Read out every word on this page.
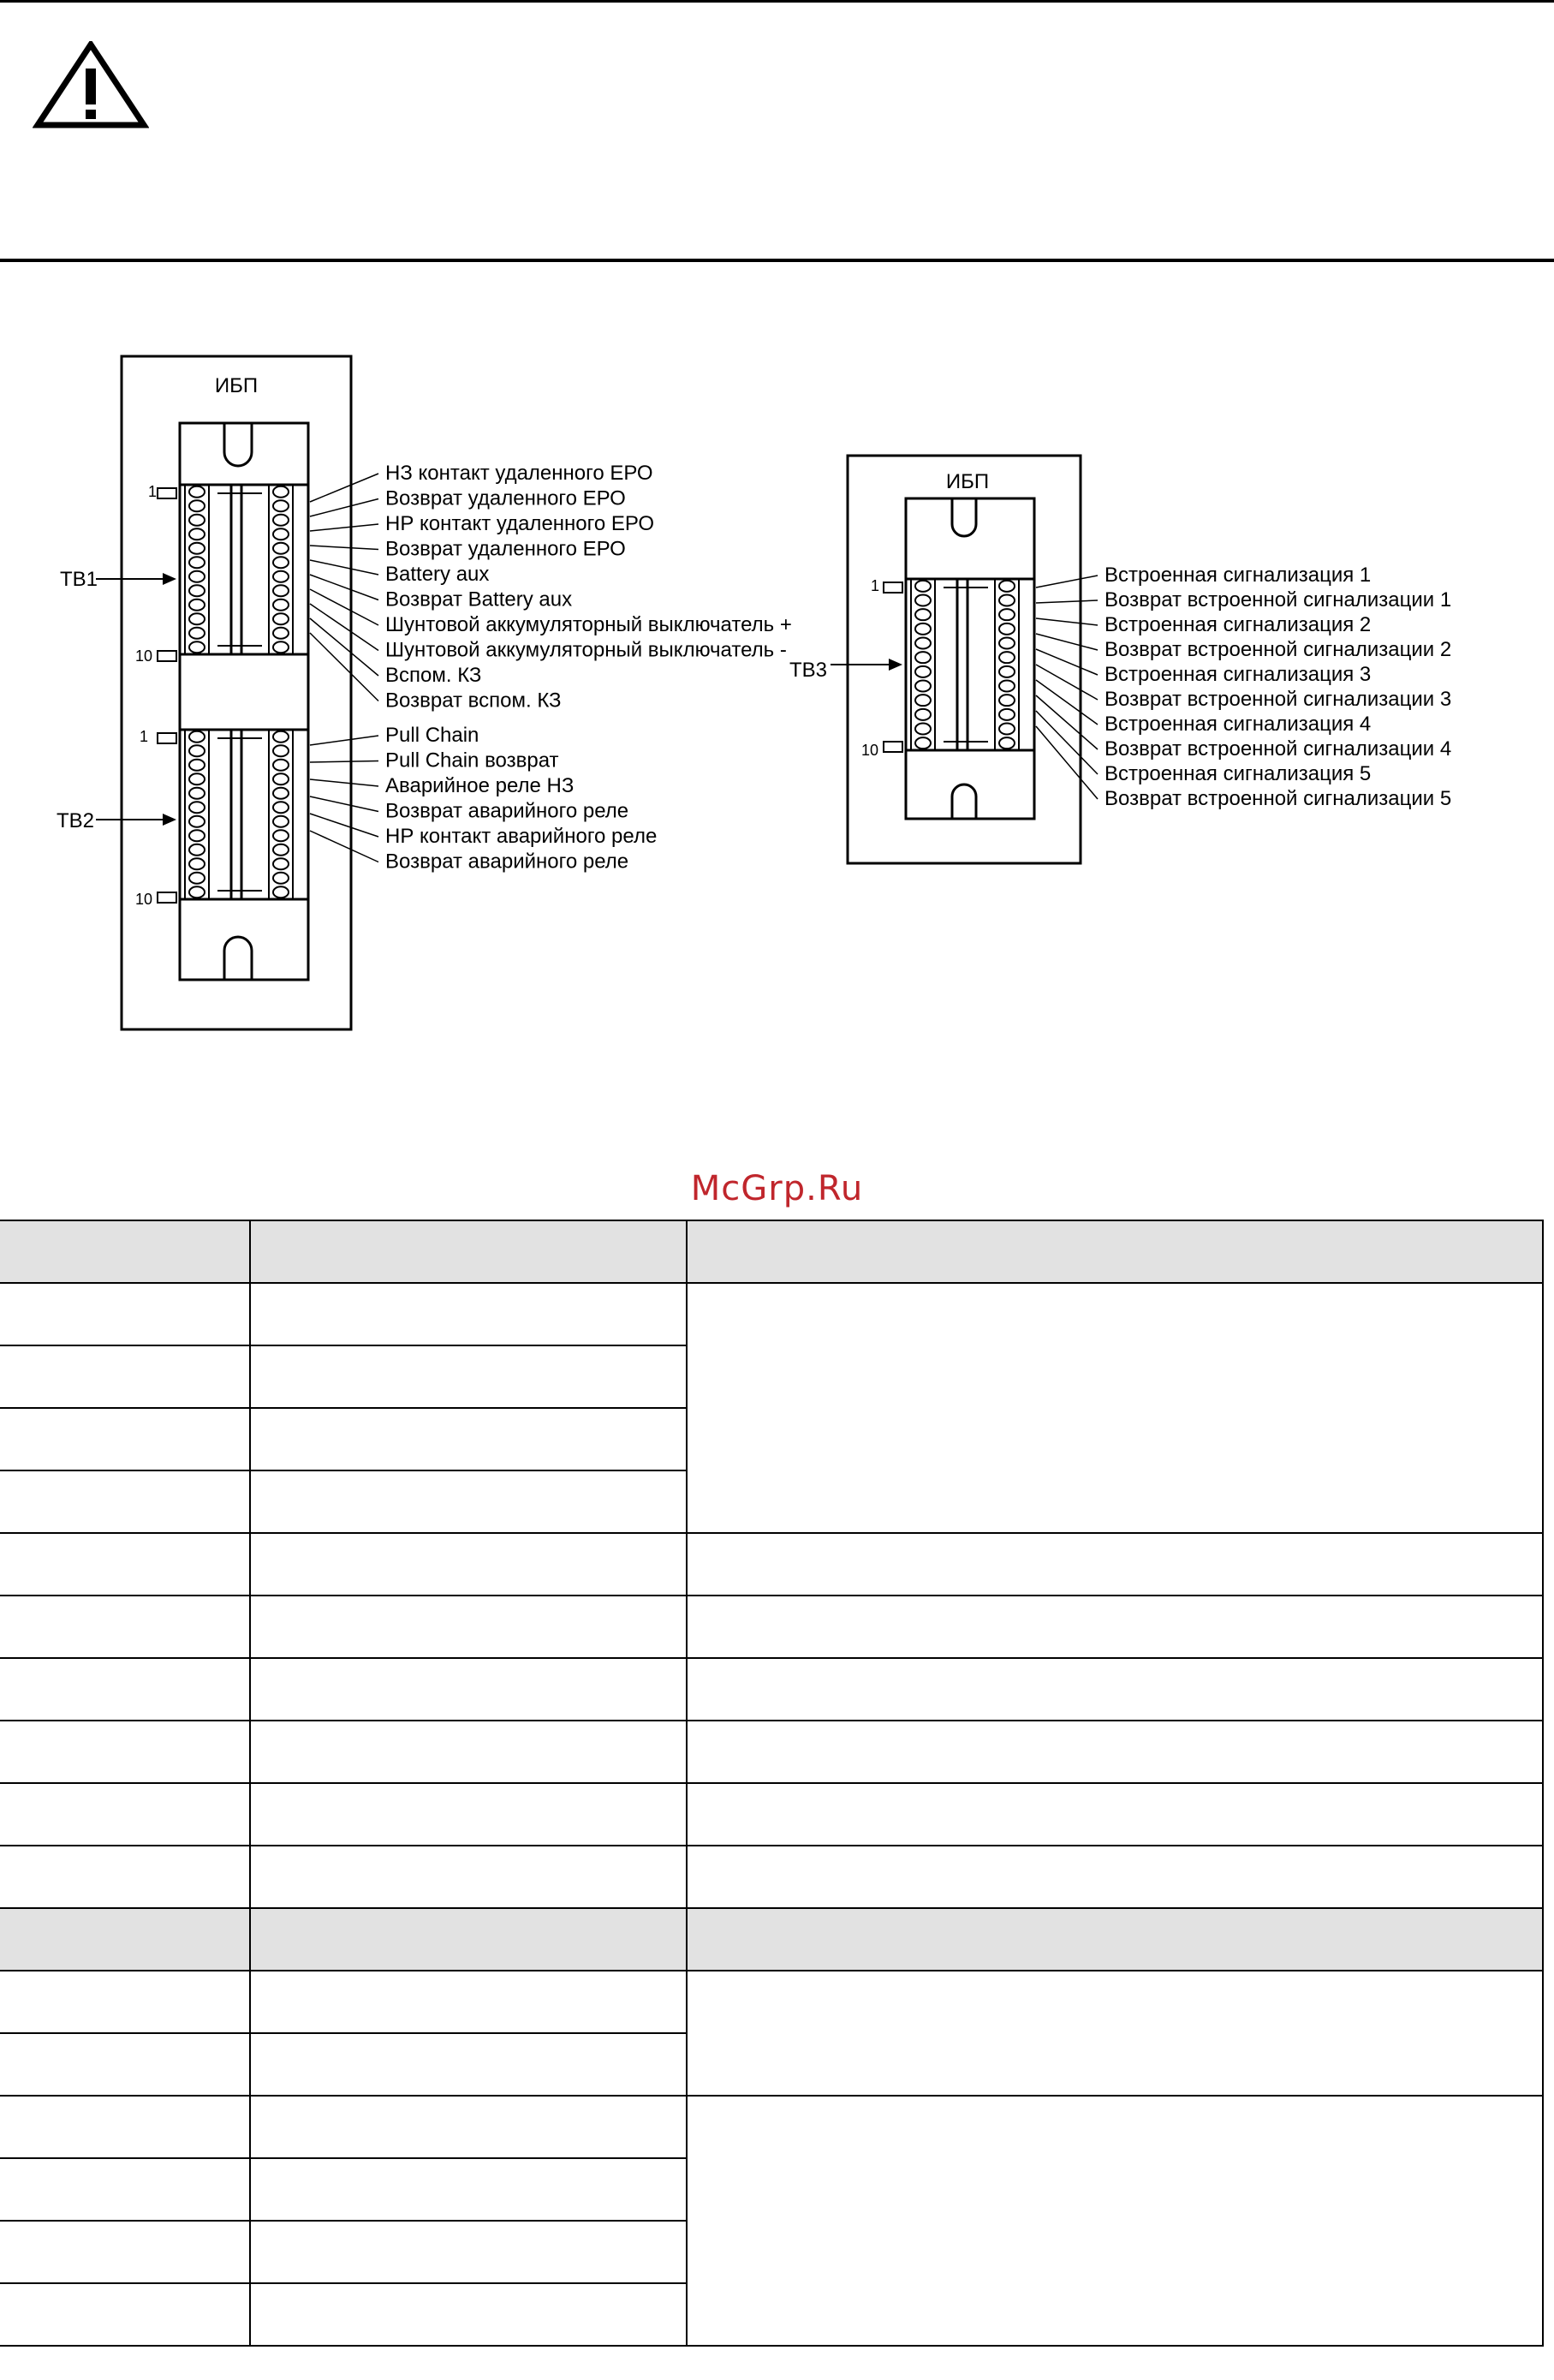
ИБП
1
10
TB1
НЗ контакт удаленного ЕРО
Возврат удаленного ЕРО
НР контакт удаленного ЕРО
Возврат удаленного ЕРО
Battery aux
Возврат Battery aux
Шунтовой аккумуляторный выключатель +
Шунтовой аккумуляторный выключатель -
Вспом. КЗ
Возврат вспом. КЗ
1
10
TB2
Pull Chain
Pull Chain возврат
Аварийное реле НЗ
Возврат аварийного реле
НР контакт аварийного реле
Возврат аварийного реле
ИБП
1
10
TB3
Встроенная сигнализация 1
Возврат встроенной сигнализации 1
Встроенная сигнализация 2
Возврат встроенной сигнализации 2
Встроенная сигнализация 3
Возврат встроенной сигнализации 3
Встроенная сигнализация 4
Возврат встроенной сигнализации 4
Встроенная сигнализация 5
Возврат встроенной сигнализации 5
McGrp.Ru
